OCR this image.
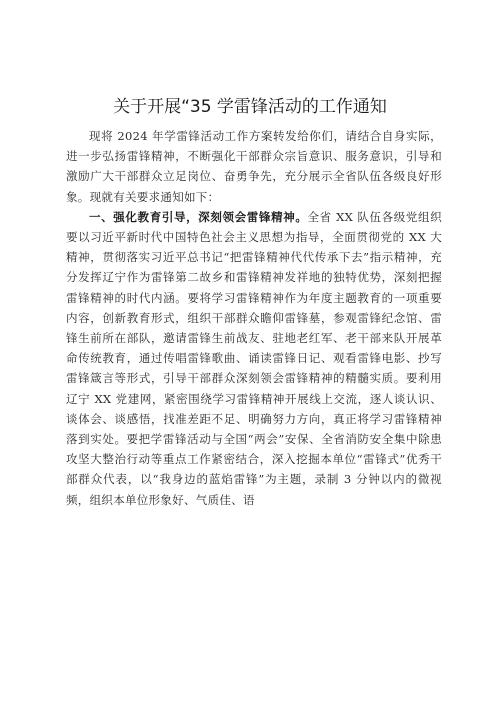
关于开展“35 学雷锋活动的工作通知

现将 2024 年学雷锋活动工作方案转发给你们，请结合自身实际，进一步弘扬雷锋精神，不断强化干部群众宗旨意识、服务意识，引导和激励广大干部群众立足岗位、奋勇争先，充分展示全省队伍各级良好形象。现就有关要求通知如下：

一、强化教育引导，深刻领会雷锋精神。全省 XX 队伍各级党组织要以习近平新时代中国特色社会主义思想为指导，全面贯彻党的 XX 大精神，贯彻落实习近平总书记“把雷锋精神代代传承下去”指示精神，充分发挥辽宁作为雷锋第二故乡和雷锋精神发祥地的独特优势，深刻把握雷锋精神的时代内涵。要将学习雷锋精神作为年度主题教育的一项重要内容，创新教育形式，组织干部群众瞻仰雷锋墓，参观雷锋纪念馆、雷锋生前所在部队，邀请雷锋生前战友、驻地老红军、老干部来队开展革命传统教育，通过传唱雷锋歌曲、诵读雷锋日记、观看雷锋电影、抄写雷锋箴言等形式，引导干部群众深刻领会雷锋精神的精髓实质。要利用辽宁 XX 党建网，紧密围绕学习雷锋精神开展线上交流，逐人谈认识、谈体会、谈感悟，找准差距不足、明确努力方向，真正将学习雷锋精神落到实处。要把学雷锋活动与全国“两会”安保、全省消防安全集中除患攻坚大整治行动等重点工作紧密结合，深入挖掘本单位“雷锋式”优秀干部群众代表，以“我身边的蓝焰雷锋”为主题，录制 3 分钟以内的微视频，组织本单位形象好、气质佳、语
